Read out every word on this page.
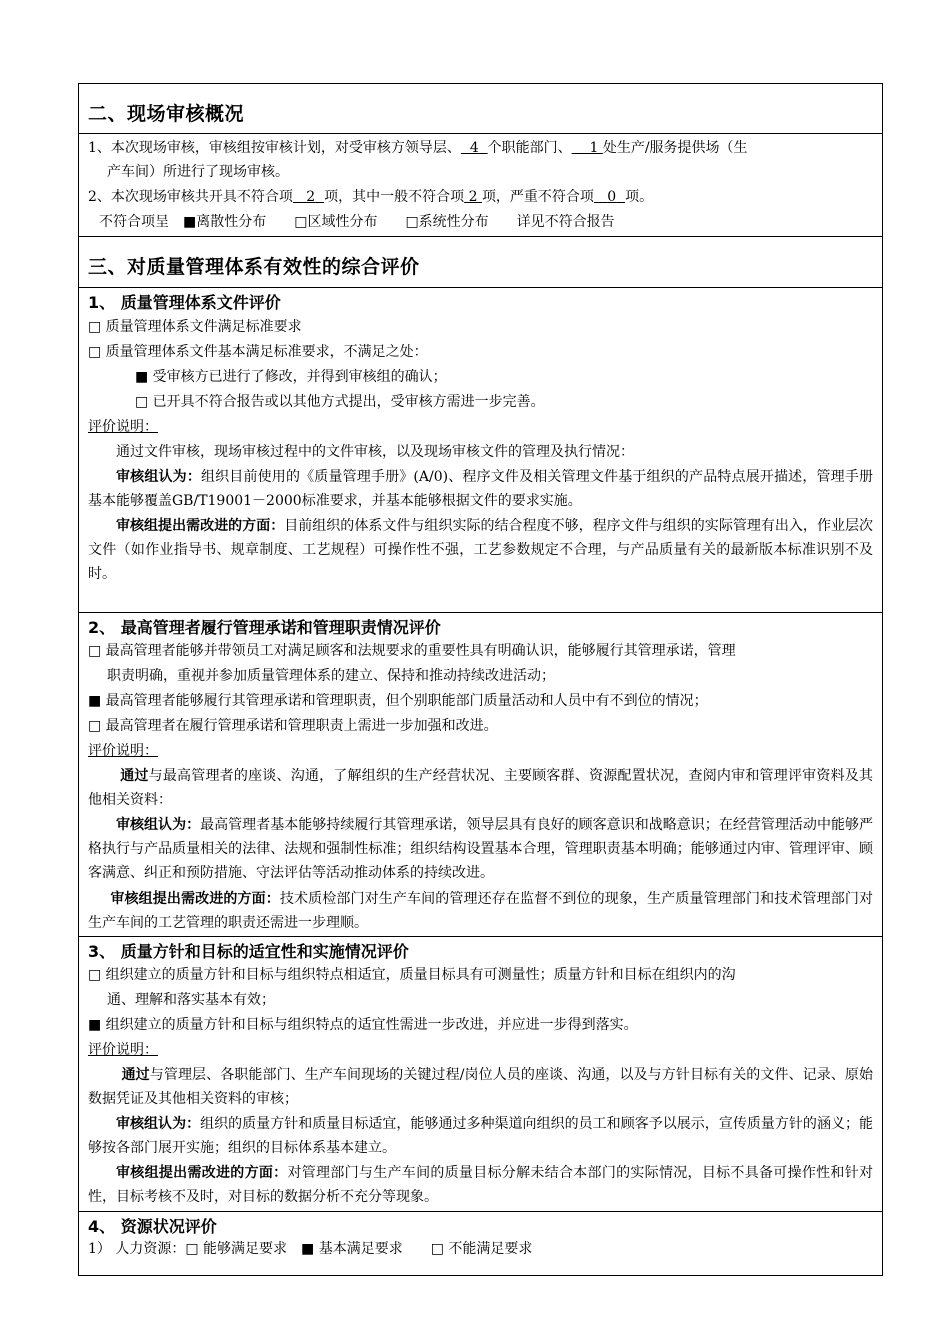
二、现场审核概况
1、本次现场审核，审核组按审核计划，对受审核方领导层、 4 个职能部门、 1 处生产/服务提供场（生
产车间）所进行了现场审核。
2、本次现场审核共开具不符合项 2 项，其中一般不符合项 2 项，严重不符合项 0 项。
不符合项呈　■离散性分布　　□区域性分布　　□系统性分布　　详见不符合报告
三、对质量管理体系有效性的综合评价
1、 质量管理体系文件评价
□ 质量管理体系文件满足标准要求
□ 质量管理体系文件基本满足标准要求，不满足之处：
■ 受审核方已进行了修改，并得到审核组的确认；
□ 已开具不符合报告或以其他方式提出，受审核方需进一步完善。
评价说明：
通过文件审核，现场审核过程中的文件审核，以及现场审核文件的管理及执行情况：
审核组认为：组织目前使用的《质量管理手册》(A/0)、程序文件及相关管理文件基于组织的产品特点展开描述，管理手册基本能够覆盖GB/T19001－2000标准要求，并基本能够根据文件的要求实施。
审核组提出需改进的方面：目前组织的体系文件与组织实际的结合程度不够，程序文件与组织的实际管理有出入，作业层次文件（如作业指导书、规章制度、工艺规程）可操作性不强，工艺参数规定不合理，与产品质量有关的最新版本标准识别不及时。
2、 最高管理者履行管理承诺和管理职责情况评价
□ 最高管理者能够并带领员工对满足顾客和法规要求的重要性具有明确认识，能够履行其管理承诺，管理
职责明确，重视并参加质量管理体系的建立、保持和推动持续改进活动；
■ 最高管理者能够履行其管理承诺和管理职责，但个别职能部门质量活动和人员中有不到位的情况；
□ 最高管理者在履行管理承诺和管理职责上需进一步加强和改进。
评价说明：
通过与最高管理者的座谈、沟通，了解组织的生产经营状况、主要顾客群、资源配置状况，查阅内审和管理评审资料及其他相关资料：
审核组认为：最高管理者基本能够持续履行其管理承诺，领导层具有良好的顾客意识和战略意识；在经营管理活动中能够严格执行与产品质量相关的法律、法规和强制性标准；组织结构设置基本合理，管理职责基本明确；能够通过内审、管理评审、顾客满意、纠正和预防措施、守法评估等活动推动体系的持续改进。
审核组提出需改进的方面：技术质检部门对生产车间的管理还存在监督不到位的现象，生产质量管理部门和技术管理部门对生产车间的工艺管理的职责还需进一步理顺。
3、 质量方针和目标的适宜性和实施情况评价
□ 组织建立的质量方针和目标与组织特点相适宜，质量目标具有可测量性；质量方针和目标在组织内的沟
通、理解和落实基本有效；
■ 组织建立的质量方针和目标与组织特点的适宜性需进一步改进，并应进一步得到落实。
评价说明：
通过与管理层、各职能部门、生产车间现场的关键过程/岗位人员的座谈、沟通，以及与方针目标有关的文件、记录、原始数据凭证及其他相关资料的审核；
审核组认为：组织的质量方针和质量目标适宜，能够通过多种渠道向组织的员工和顾客予以展示，宣传质量方针的涵义；能够按各部门展开实施；组织的目标体系基本建立。
审核组提出需改进的方面：对管理部门与生产车间的质量目标分解未结合本部门的实际情况，目标不具备可操作性和针对性，目标考核不及时，对目标的数据分析不充分等现象。
4、 资源状况评价
1） 人力资源：□ 能够满足要求　■ 基本满足要求　　□ 不能满足要求
